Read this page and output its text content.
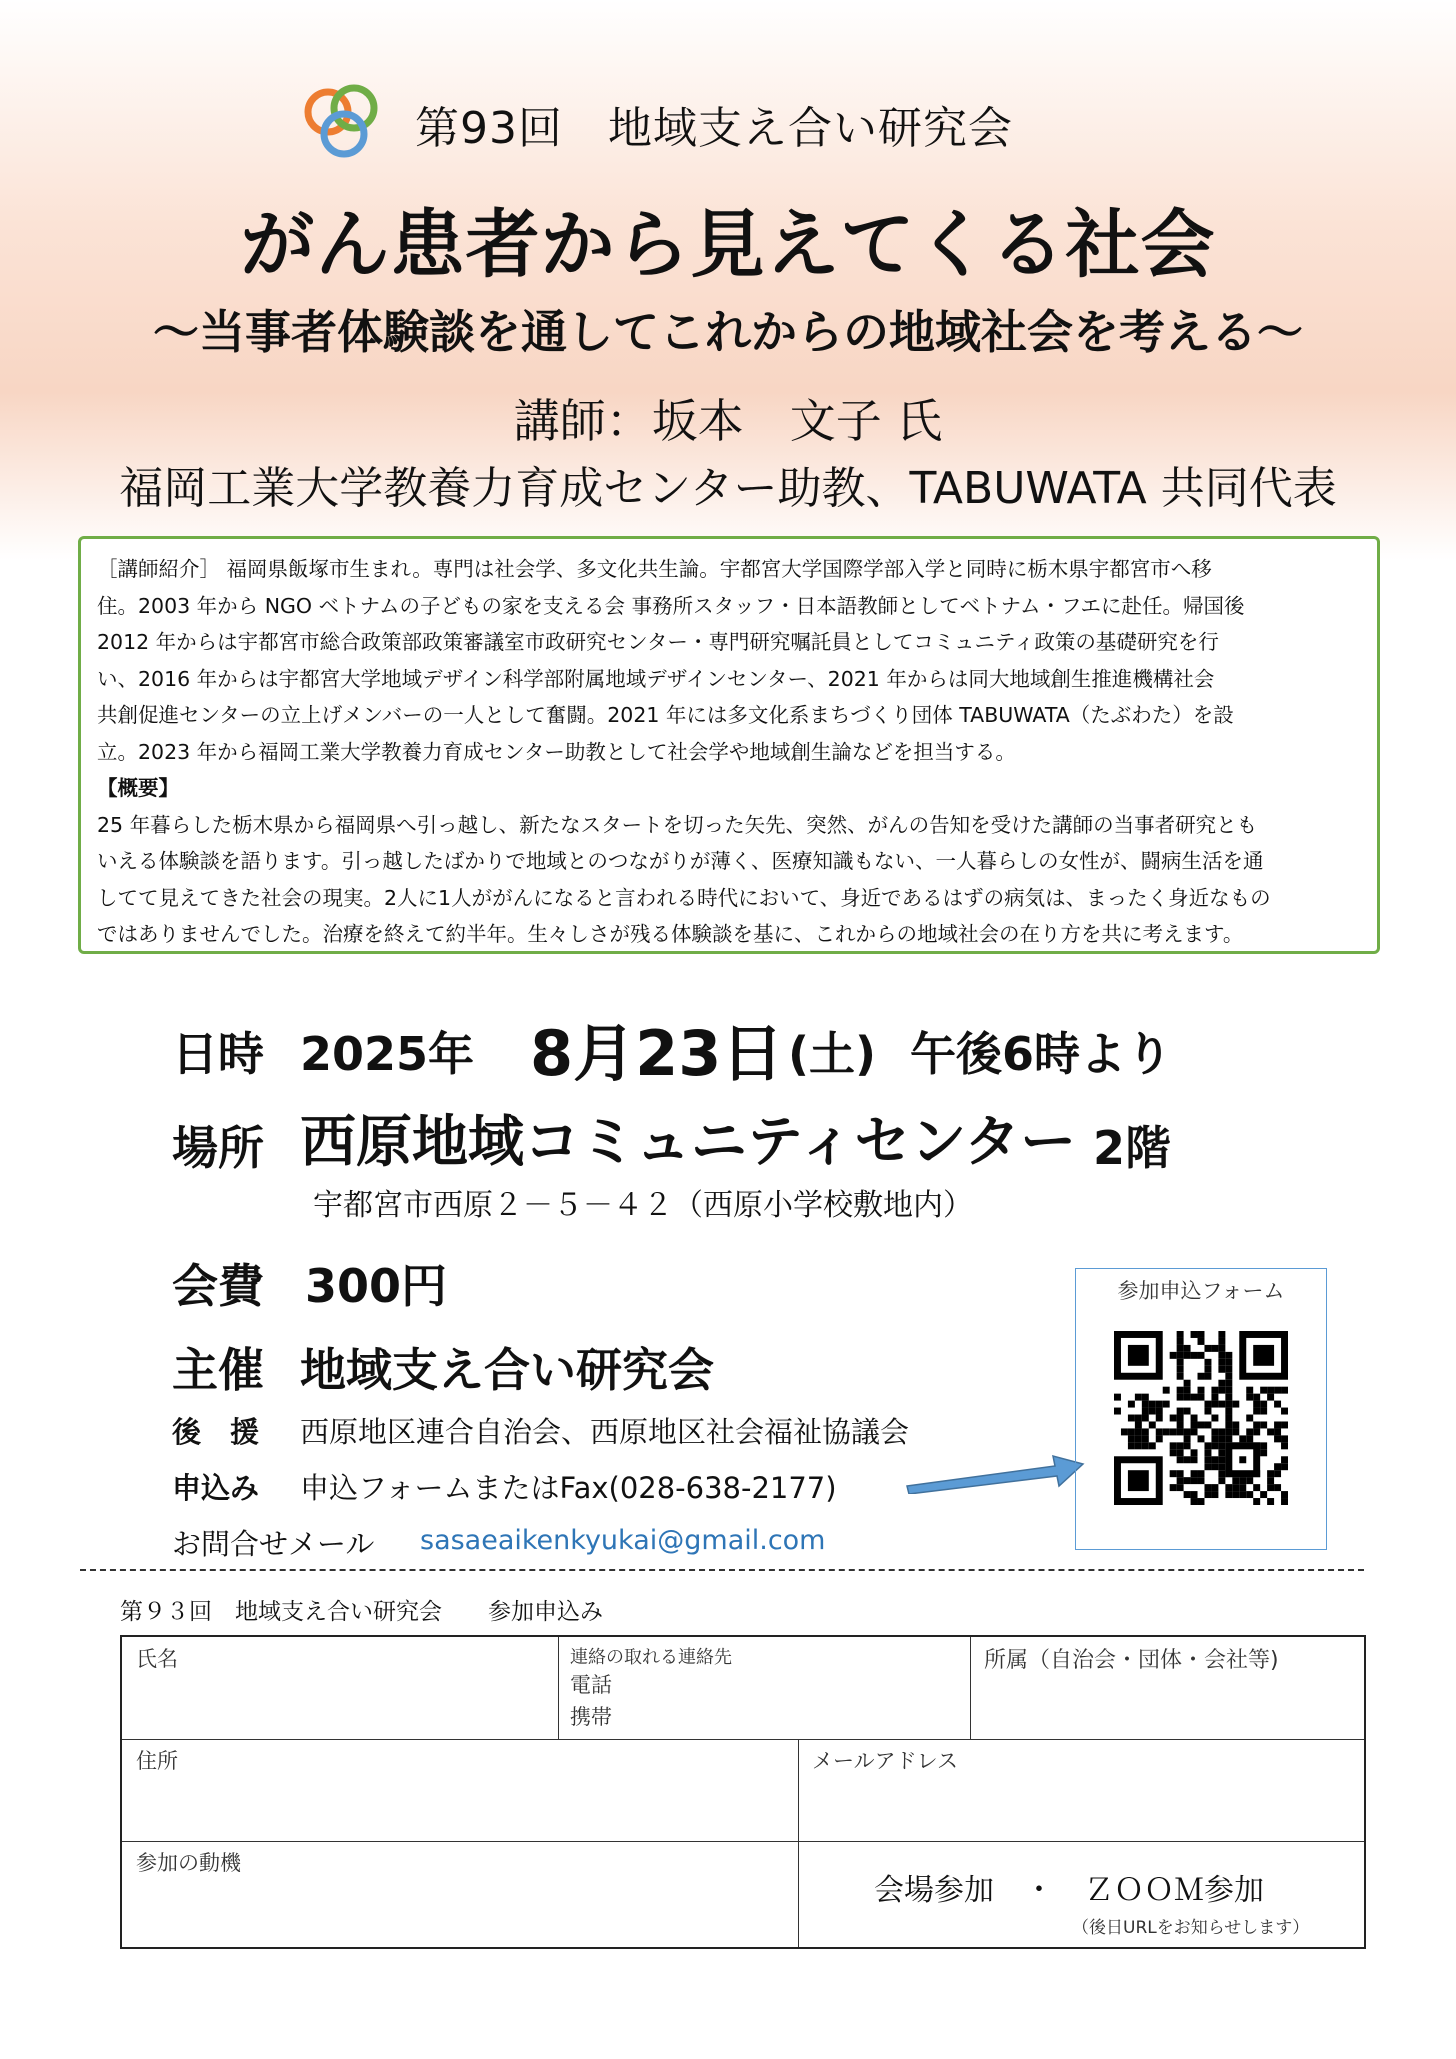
第93回　地域支え合い研究会
がん患者から見えてくる社会
～当事者体験談を通してこれからの地域社会を考える～
講師：坂本　文子 氏
福岡工業大学教養力育成センター助教、TABUWATA 共同代表

［講師紹介］ 福岡県飯塚市生まれ。専門は社会学、多文化共生論。宇都宮大学国際学部入学と同時に栃木県宇都宮市へ移

住。2003 年から NGO ベトナムの子どもの家を支える会 事務所スタッフ・日本語教師としてベトナム・フエに赴任。帰国後

2012 年からは宇都宮市総合政策部政策審議室市政研究センター・専門研究嘱託員としてコミュニティ政策の基礎研究を行

い、2016 年からは宇都宮大学地域デザイン科学部附属地域デザインセンター、2021 年からは同大地域創生推進機構社会

共創促進センターの立上げメンバーの一人として奮闘。2021 年には多文化系まちづくり団体 TABUWATA（たぶわた）を設

立。2023 年から福岡工業大学教養力育成センター助教として社会学や地域創生論などを担当する。

【概要】

25 年暮らした栃木県から福岡県へ引っ越し、新たなスタートを切った矢先、突然、がんの告知を受けた講師の当事者研究とも

いえる体験談を語ります。引っ越したばかりで地域とのつながりが薄く、医療知識もない、一人暮らしの女性が、闘病生活を通

してて見えてきた社会の現実。2人に1人ががんになると言われる時代において、身近であるはずの病気は、まったく身近なもの

ではありませんでした。治療を終えて約半年。生々しさが残る体験談を基に、これからの地域社会の在り方を共に考えます。

日時 2025年 8月23日 (土) 午後6時より
場所 西原地域コミュニティセンター 2階
宇都宮市西原２－５－４２（西原小学校敷地内）
会費 300円
主催 地域支え合い研究会
後　援 西原地区連合自治会、西原地区社会福祉協議会
申込み 申込フォームまたはFax(028-638-2177)
お問合せメール sasaeaikenkyukai@gmail.com
参加申込フォーム
第９３回　地域支え合い研究会　　参加申込み
氏名	連絡の取れる連絡先
電話
携帯
所属（自治会・団体・会社等)
住所	メールアドレス
参加の動機
会場参加　・　ＺＯＯＭ参加
（後日URLをお知らせします）
